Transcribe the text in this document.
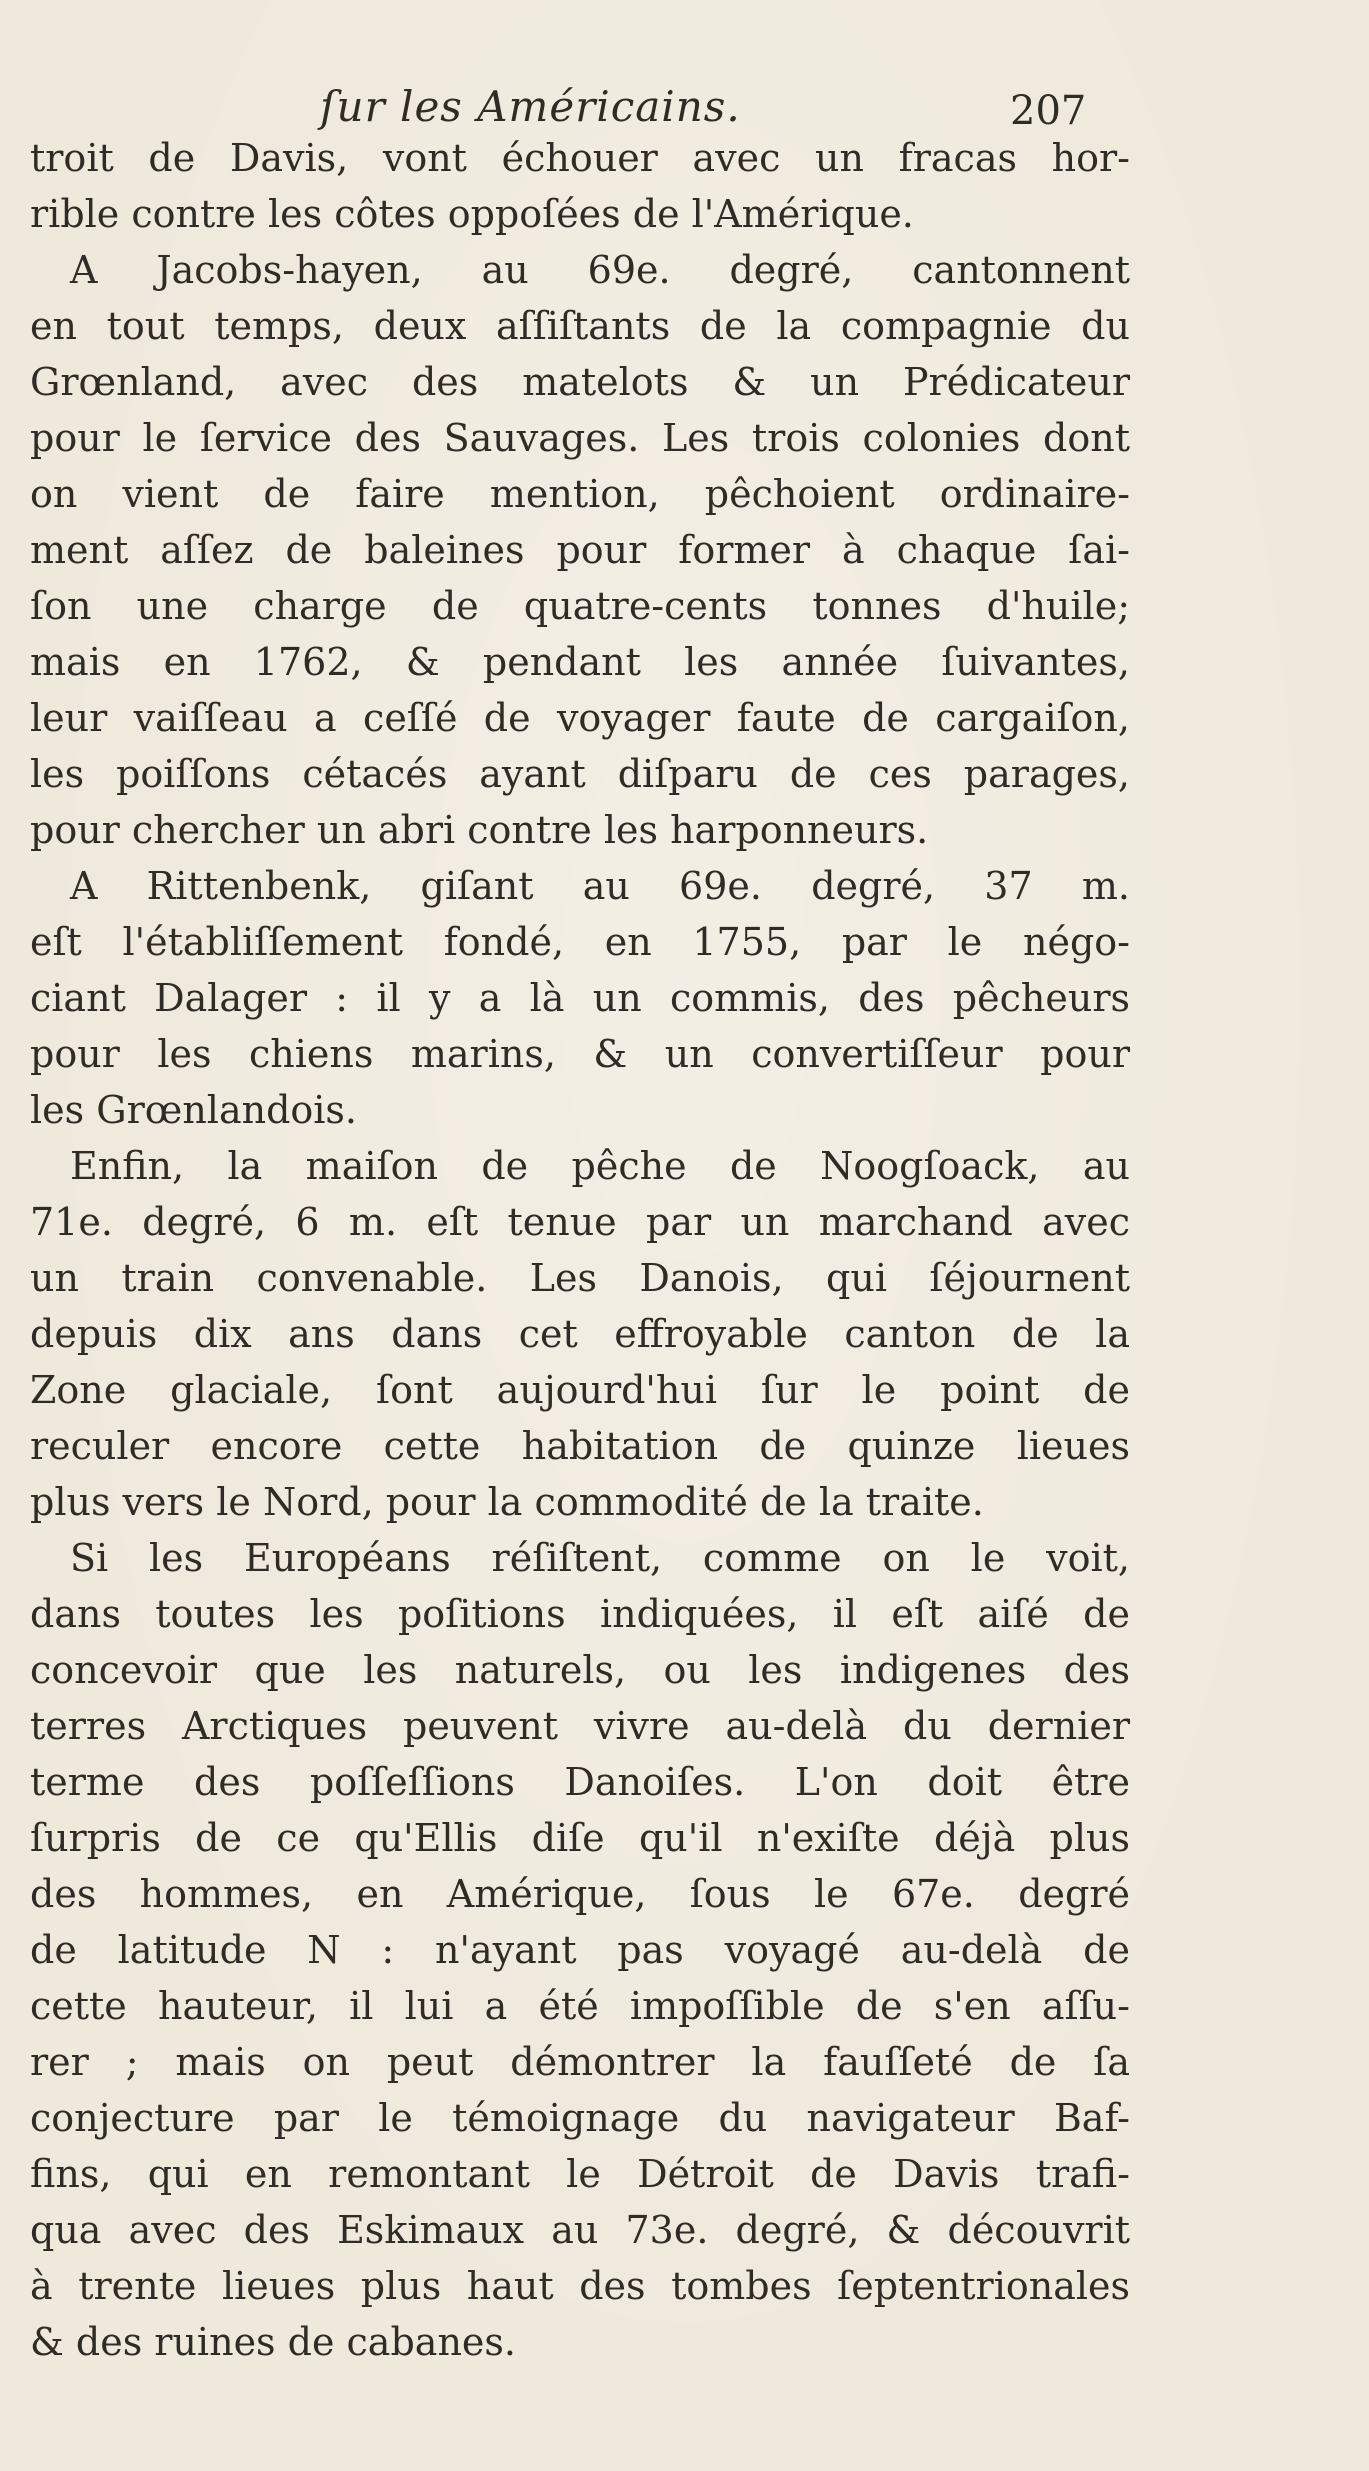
ſur les Américains.	207
troit de Davis, vont échouer avec un fracas hor-
rible contre les côtes oppoſées de l'Amérique.
A Jacobs-hayen, au 69e. degré, cantonnent
en tout temps, deux aſſiſtants de la compagnie du
Grœnland, avec des matelots & un Prédicateur
pour le ſervice des Sauvages. Les trois colonies dont
on vient de faire mention, pêchoient ordinaire-
ment aſſez de baleines pour former à chaque ſai-
ſon une charge de quatre-cents tonnes d'huile;
mais en 1762, & pendant les année ſuivantes,
leur vaiſſeau a ceſſé de voyager faute de cargaiſon,
les poiſſons cétacés ayant diſparu de ces parages,
pour chercher un abri contre les harponneurs.
A Rittenbenk, giſant au 69e. degré, 37 m.
eſt l'établiſſement fondé, en 1755, par le négo-
ciant Dalager : il y a là un commis, des pêcheurs
pour les chiens marins, & un convertiſſeur pour
les Grœnlandois.
Enfin, la maiſon de pêche de Noogſoack, au
71e. degré, 6 m. eſt tenue par un marchand avec
un train convenable. Les Danois, qui ſéjournent
depuis dix ans dans cet effroyable canton de la
Zone glaciale, ſont aujourd'hui ſur le point de
reculer encore cette habitation de quinze lieues
plus vers le Nord, pour la commodité de la traite.
Si les Européans réſiſtent, comme on le voit,
dans toutes les poſitions indiquées, il eſt aiſé de
concevoir que les naturels, ou les indigenes des
terres Arctiques peuvent vivre au-delà du dernier
terme des poſſeſſions Danoiſes. L'on doit être
ſurpris de ce qu'Ellis diſe qu'il n'exiſte déjà plus
des hommes, en Amérique, ſous le 67e. degré
de latitude N : n'ayant pas voyagé au-delà de
cette hauteur, il lui a été impoſſible de s'en aſſu-
rer ; mais on peut démontrer la fauſſeté de ſa
conjecture par le témoignage du navigateur Baf-
fins, qui en remontant le Détroit de Davis trafi-
qua avec des Eskimaux au 73e. degré, & découvrit
à trente lieues plus haut des tombes ſeptentrionales
& des ruines de cabanes.
